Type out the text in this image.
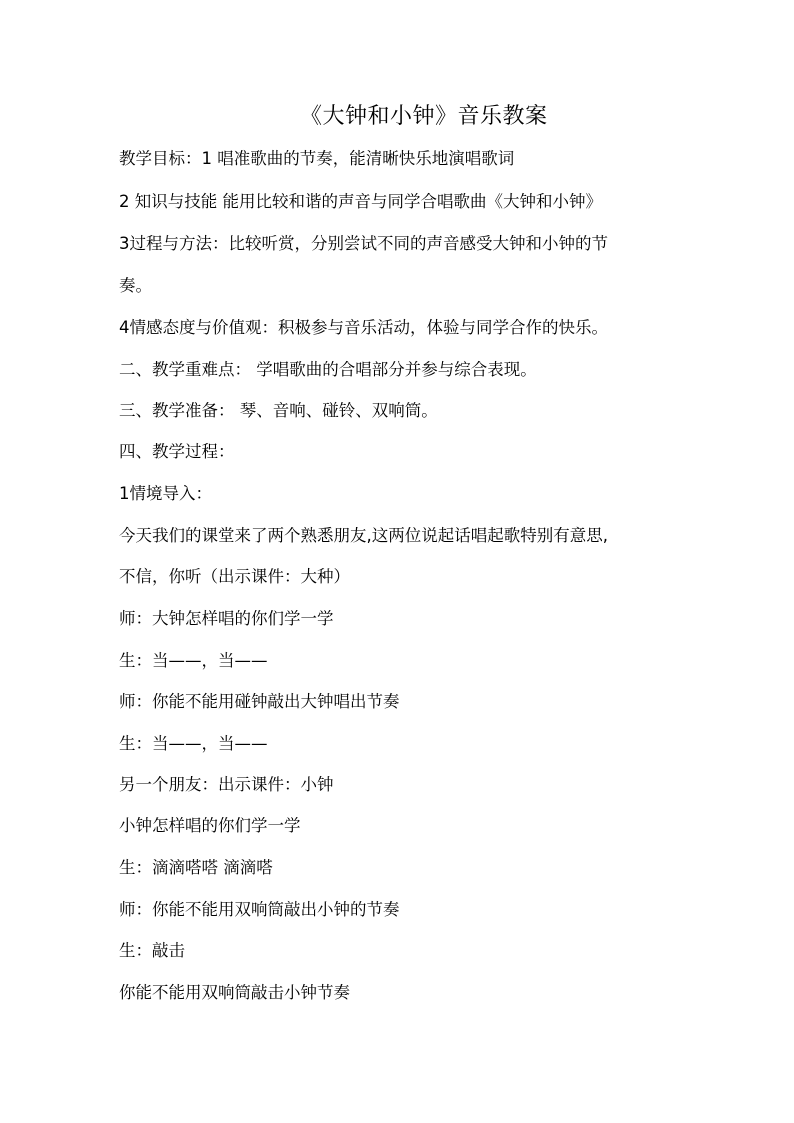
《大钟和小钟》音乐教案
教学目标：1 唱准歌曲的节奏，能清晰快乐地演唱歌词
2 知识与技能 能用比较和谐的声音与同学合唱歌曲《大钟和小钟》
3过程与方法：比较听赏，分别尝试不同的声音感受大钟和小钟的节
奏。
4情感态度与价值观：积极参与音乐活动，体验与同学合作的快乐。
二、教学重难点： 学唱歌曲的合唱部分并参与综合表现。
三、教学准备： 琴、音响、碰铃、双响筒。
四、教学过程：
1情境导入：
今天我们的课堂来了两个熟悉朋友,这两位说起话唱起歌特别有意思,
不信，你听（出示课件：大种）
师：大钟怎样唱的你们学一学
生：当——，当——
师：你能不能用碰钟敲出大钟唱出节奏
生：当——，当——
另一个朋友：出示课件：小钟
小钟怎样唱的你们学一学
生：滴滴嗒嗒 滴滴嗒
师：你能不能用双响筒敲出小钟的节奏
生：敲击
你能不能用双响筒敲击小钟节奏
